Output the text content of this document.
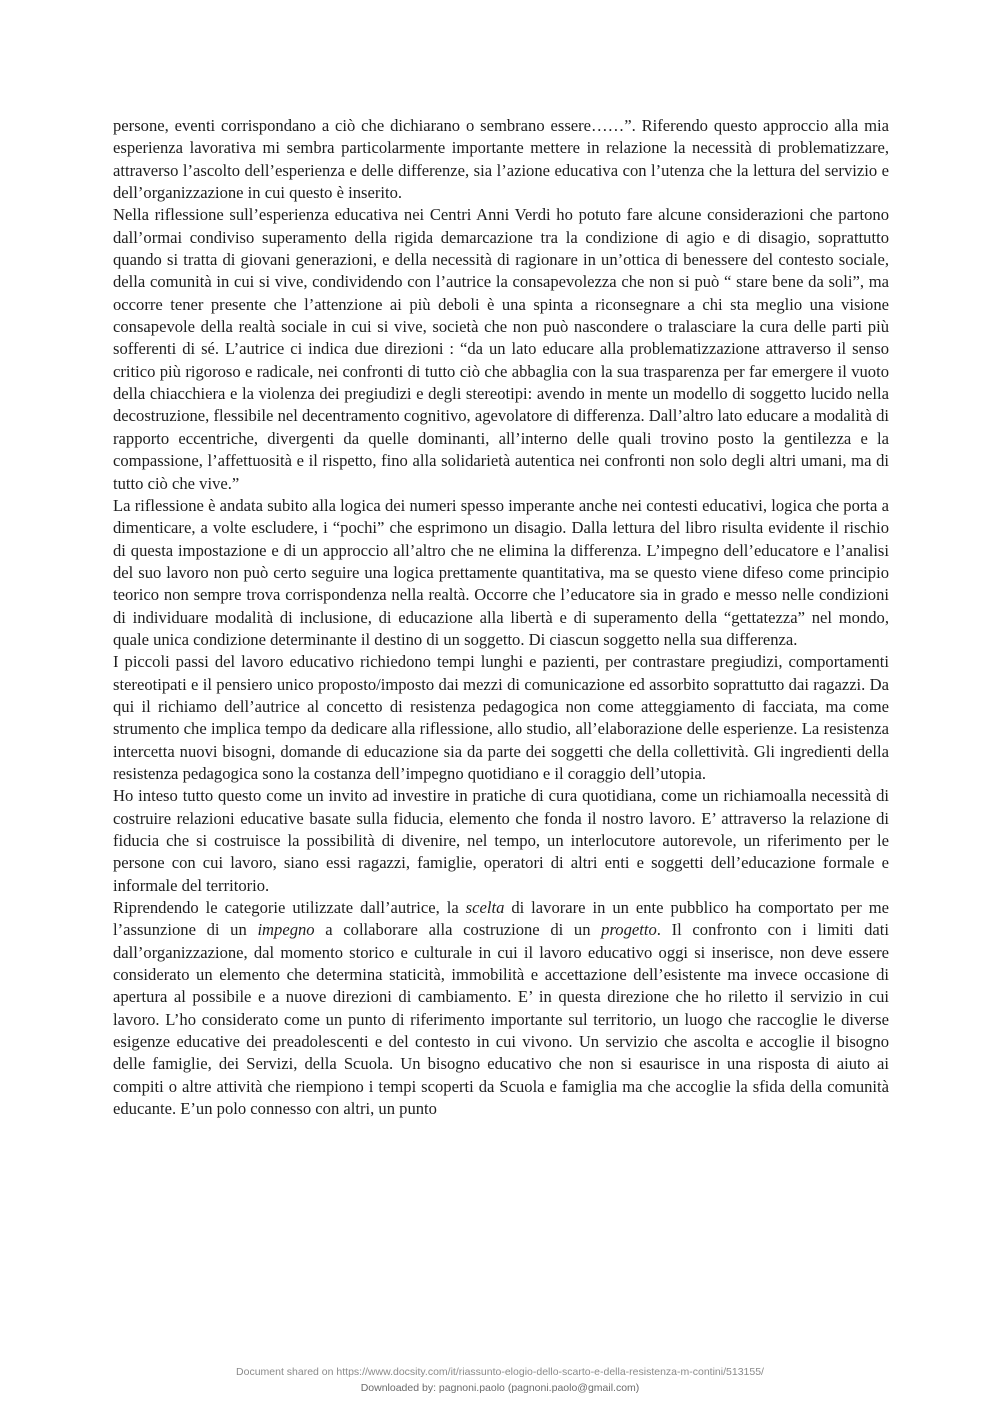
persone, eventi corrispondano a ciò che dichiarano o sembrano essere……”. Riferendo questo approccio alla mia esperienza lavorativa mi sembra particolarmente importante mettere in relazione la necessità di problematizzare, attraverso l’ascolto dell’esperienza e delle differenze, sia l’azione educativa con l’utenza che la lettura del servizio e dell’organizzazione in cui questo è inserito.

Nella riflessione sull’esperienza educativa nei Centri Anni Verdi ho potuto fare alcune considerazioni che partono dall’ormai condiviso superamento della rigida demarcazione tra la condizione di agio e di disagio, soprattutto quando si tratta di giovani generazioni, e della necessità di ragionare in un’ottica di benessere del contesto sociale, della comunità in cui si vive, condividendo con l’autrice la consapevolezza che non si può “ stare bene da soli”, ma occorre tener presente che l’attenzione ai più deboli è una spinta a riconsegnare a chi sta meglio una visione consapevole della realtà sociale in cui si vive, società che non può nascondere o tralasciare la cura delle parti più sofferenti di sé. L’autrice ci indica due direzioni : “da un lato educare alla problematizzazione attraverso il senso critico più rigoroso e radicale, nei confronti di tutto ciò che abbaglia con la sua trasparenza per far emergere il vuoto della chiacchiera e la violenza dei pregiudizi e degli stereotipi: avendo in mente un modello di soggetto lucido nella decostruzione, flessibile nel decentramento cognitivo, agevolatore di differenza. Dall’altro lato educare a modalità di rapporto eccentriche, divergenti da quelle dominanti, all’interno delle quali trovino posto la gentilezza e la compassione, l’affettuosità e il rispetto, fino alla solidarietà autentica nei confronti non solo degli altri umani, ma di tutto ciò che vive.”

La riflessione è andata subito alla logica dei numeri spesso imperante anche nei contesti educativi, logica che porta a dimenticare, a volte escludere, i “pochi” che esprimono un disagio. Dalla lettura del libro risulta evidente il rischio di questa impostazione e di un approccio all’altro che ne elimina la differenza. L’impegno dell’educatore e l’analisi del suo lavoro non può certo seguire una logica prettamente quantitativa, ma se questo viene difeso come principio teorico non sempre trova corrispondenza nella realtà. Occorre che l’educatore sia in grado e messo nelle condizioni di individuare modalità di inclusione, di educazione alla libertà e di superamento della “gettatezza” nel mondo, quale unica condizione determinante il destino di un soggetto. Di ciascun soggetto nella sua differenza.

I piccoli passi del lavoro educativo richiedono tempi lunghi e pazienti, per contrastare pregiudizi, comportamenti stereotipati e il pensiero unico proposto/imposto dai mezzi di comunicazione ed assorbito soprattutto dai ragazzi. Da qui il richiamo dell’autrice al concetto di resistenza pedagogica non come atteggiamento di facciata, ma come strumento che implica tempo da dedicare alla riflessione, allo studio, all’elaborazione delle esperienze. La resistenza intercetta nuovi bisogni, domande di educazione sia da parte dei soggetti che della collettività. Gli ingredienti della resistenza pedagogica sono la costanza dell’impegno quotidiano e il coraggio dell’utopia.

Ho inteso tutto questo come un invito ad investire in pratiche di cura quotidiana, come un richiamoalla necessità di costruire relazioni educative basate sulla fiducia, elemento che fonda il nostro lavoro. E’ attraverso la relazione di fiducia che si costruisce la possibilità di divenire, nel tempo, un interlocutore autorevole, un riferimento per le persone con cui lavoro, siano essi ragazzi, famiglie, operatori di altri enti e soggetti dell’educazione formale e informale del territorio.

Riprendendo le categorie utilizzate dall’autrice, la scelta di lavorare in un ente pubblico ha comportato per me l’assunzione di un impegno a collaborare alla costruzione di un progetto. Il confronto con i limiti dati dall’organizzazione, dal momento storico e culturale in cui il lavoro educativo oggi si inserisce, non deve essere considerato un elemento che determina staticità, immobilità e accettazione dell’esistente ma invece occasione di apertura al possibile e a nuove direzioni di cambiamento. E’ in questa direzione che ho riletto il servizio in cui lavoro. L’ho considerato come un punto di riferimento importante sul territorio, un luogo che raccoglie le diverse esigenze educative dei preadolescenti e del contesto in cui vivono. Un servizio che ascolta e accoglie il bisogno delle famiglie, dei Servizi, della Scuola. Un bisogno educativo che non si esaurisce in una risposta di aiuto ai compiti o altre attività che riempiono i tempi scoperti da Scuola e famiglia ma che accoglie la sfida della comunità educante. E’un polo connesso con altri, un punto

Document shared on https://www.docsity.com/it/riassunto-elogio-dello-scarto-e-della-resistenza-m-contini/513155/
Downloaded by: pagnoni.paolo (pagnoni.paolo@gmail.com)
